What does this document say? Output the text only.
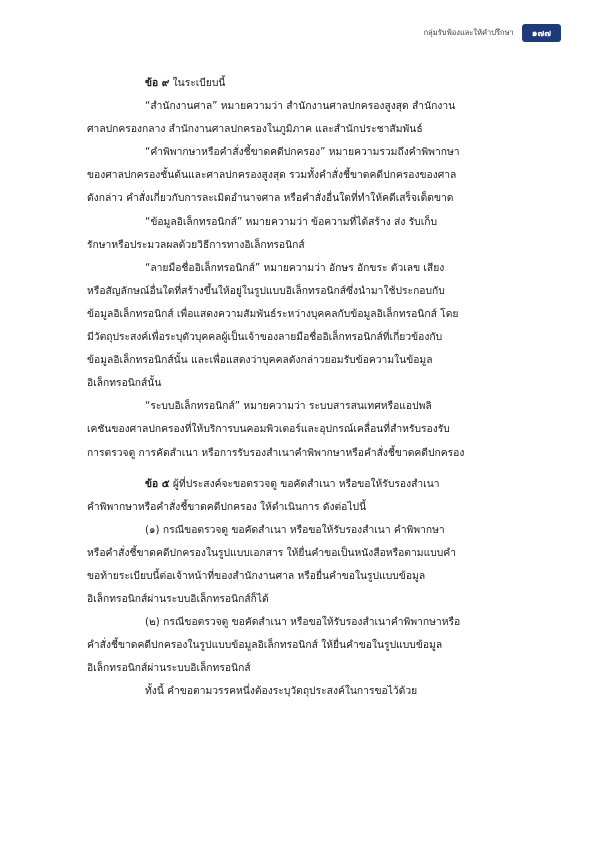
กลุ่มรับฟ้องและให้คำปรึกษา	๑๗๗

ข้อ ๙ ในระเบียบนี้

“สำนักงานศาล” หมายความว่า สำนักงานศาลปกครองสูงสุด สำนักงาน

ศาลปกครองกลาง สำนักงานศาลปกครองในภูมิภาค และสำนักประชาสัมพันธ์

“คำพิพากษาหรือคำสั่งชี้ขาดคดีปกครอง” หมายความรวมถึงคำพิพากษา

ของศาลปกครองชั้นต้นและศาลปกครองสูงสุด รวมทั้งคำสั่งชี้ขาดคดีปกครองของศาล

ดังกล่าว คำสั่งเกี่ยวกับการละเมิดอำนาจศาล หรือคำสั่งอื่นใดที่ทำให้คดีเสร็จเด็ดขาด

“ข้อมูลอิเล็กทรอนิกส์” หมายความว่า ข้อความที่ได้สร้าง ส่ง รับเก็บ

รักษาหรือประมวลผลด้วยวิธีการทางอิเล็กทรอนิกส์

“ลายมือชื่ออิเล็กทรอนิกส์” หมายความว่า อักษร อักขระ ตัวเลข เสียง

หรือสัญลักษณ์อื่นใดที่สร้างขึ้นให้อยู่ในรูปแบบอิเล็กทรอนิกส์ซึ่งนำมาใช้ประกอบกับ

ข้อมูลอิเล็กทรอนิกส์ เพื่อแสดงความสัมพันธ์ระหว่างบุคคลกับข้อมูลอิเล็กทรอนิกส์ โดย

มีวัตถุประสงค์เพื่อระบุตัวบุคคลผู้เป็นเจ้าของลายมือชื่ออิเล็กทรอนิกส์ที่เกี่ยวข้องกับ

ข้อมูลอิเล็กทรอนิกส์นั้น และเพื่อแสดงว่าบุคคลดังกล่าวยอมรับข้อความในข้อมูล

อิเล็กทรอนิกส์นั้น

“ระบบอิเล็กทรอนิกส์” หมายความว่า ระบบสารสนเทศหรือแอปพลิ

เคชันของศาลปกครองที่ให้บริการบนคอมพิวเตอร์และอุปกรณ์เคลื่อนที่สำหรับรองรับ

การตรวจดู การคัดสำเนา หรือการรับรองสำเนาคำพิพากษาหรือคำสั่งชี้ขาดคดีปกครอง

ข้อ ๕ ผู้ที่ประสงค์จะขอตรวจดู ขอคัดสำเนา หรือขอให้รับรองสำเนา

คำพิพากษาหรือคำสั่งชี้ขาดคดีปกครอง ให้ดำเนินการ ดังต่อไปนี้

(๑) กรณีขอตรวจดู ขอคัดสำเนา หรือขอให้รับรองสำเนา คำพิพากษา

หรือคำสั่งชี้ขาดคดีปกครองในรูปแบบเอกสาร ให้ยื่นคำขอเป็นหนังสือหรือตามแบบคำ

ขอท้ายระเบียบนี้ต่อเจ้าหน้าที่ของสำนักงานศาล หรือยื่นคำขอในรูปแบบข้อมูล

อิเล็กทรอนิกส์ผ่านระบบอิเล็กทรอนิกส์ก็ได้

(๒) กรณีขอตรวจดู ขอคัดสำเนา หรือขอให้รับรองสำเนาคำพิพากษาหรือ

คำสั่งชี้ขาดคดีปกครองในรูปแบบข้อมูลอิเล็กทรอนิกส์ ให้ยื่นคำขอในรูปแบบข้อมูล

อิเล็กทรอนิกส์ผ่านระบบอิเล็กทรอนิกส์

ทั้งนี้ คำขอตามวรรคหนึ่งต้องระบุวัตถุประสงค์ในการขอไว้ด้วย
